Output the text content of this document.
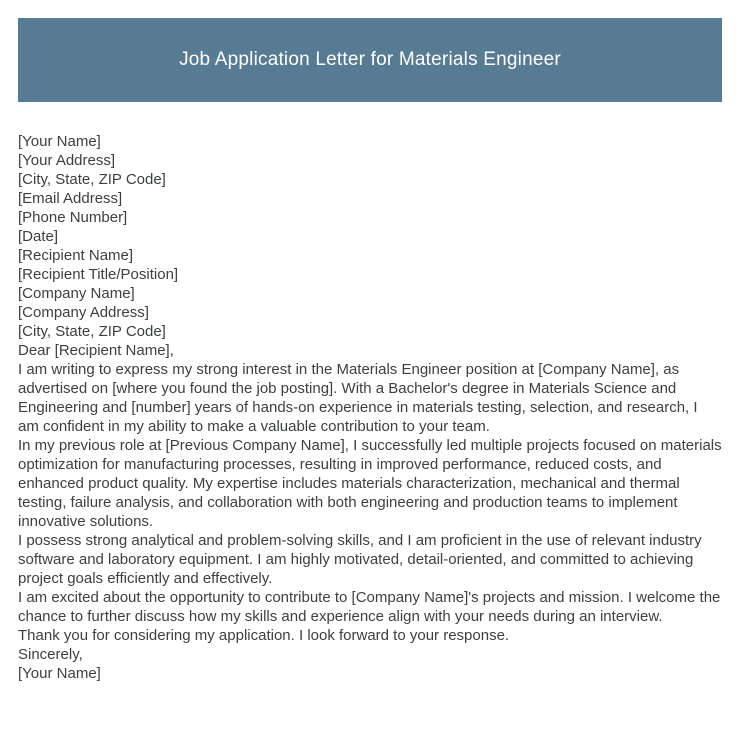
Job Application Letter for Materials Engineer

[Your Name]

[Your Address]

[City, State, ZIP Code]

[Email Address]

[Phone Number]

[Date]

[Recipient Name]

[Recipient Title/Position]

[Company Name]

[Company Address]

[City, State, ZIP Code]

Dear [Recipient Name],

I am writing to express my strong interest in the Materials Engineer position at [Company Name], as advertised on [where you found the job posting]. With a Bachelor's degree in Materials Science and Engineering and [number] years of hands-on experience in materials testing, selection, and research, I am confident in my ability to make a valuable contribution to your team.

In my previous role at [Previous Company Name], I successfully led multiple projects focused on materials optimization for manufacturing processes, resulting in improved performance, reduced costs, and enhanced product quality. My expertise includes materials characterization, mechanical and thermal testing, failure analysis, and collaboration with both engineering and production teams to implement innovative solutions.

I possess strong analytical and problem-solving skills, and I am proficient in the use of relevant industry software and laboratory equipment. I am highly motivated, detail-oriented, and committed to achieving project goals efficiently and effectively.

I am excited about the opportunity to contribute to [Company Name]'s projects and mission. I welcome the chance to further discuss how my skills and experience align with your needs during an interview.

Thank you for considering my application. I look forward to your response.

Sincerely,

[Your Name]
